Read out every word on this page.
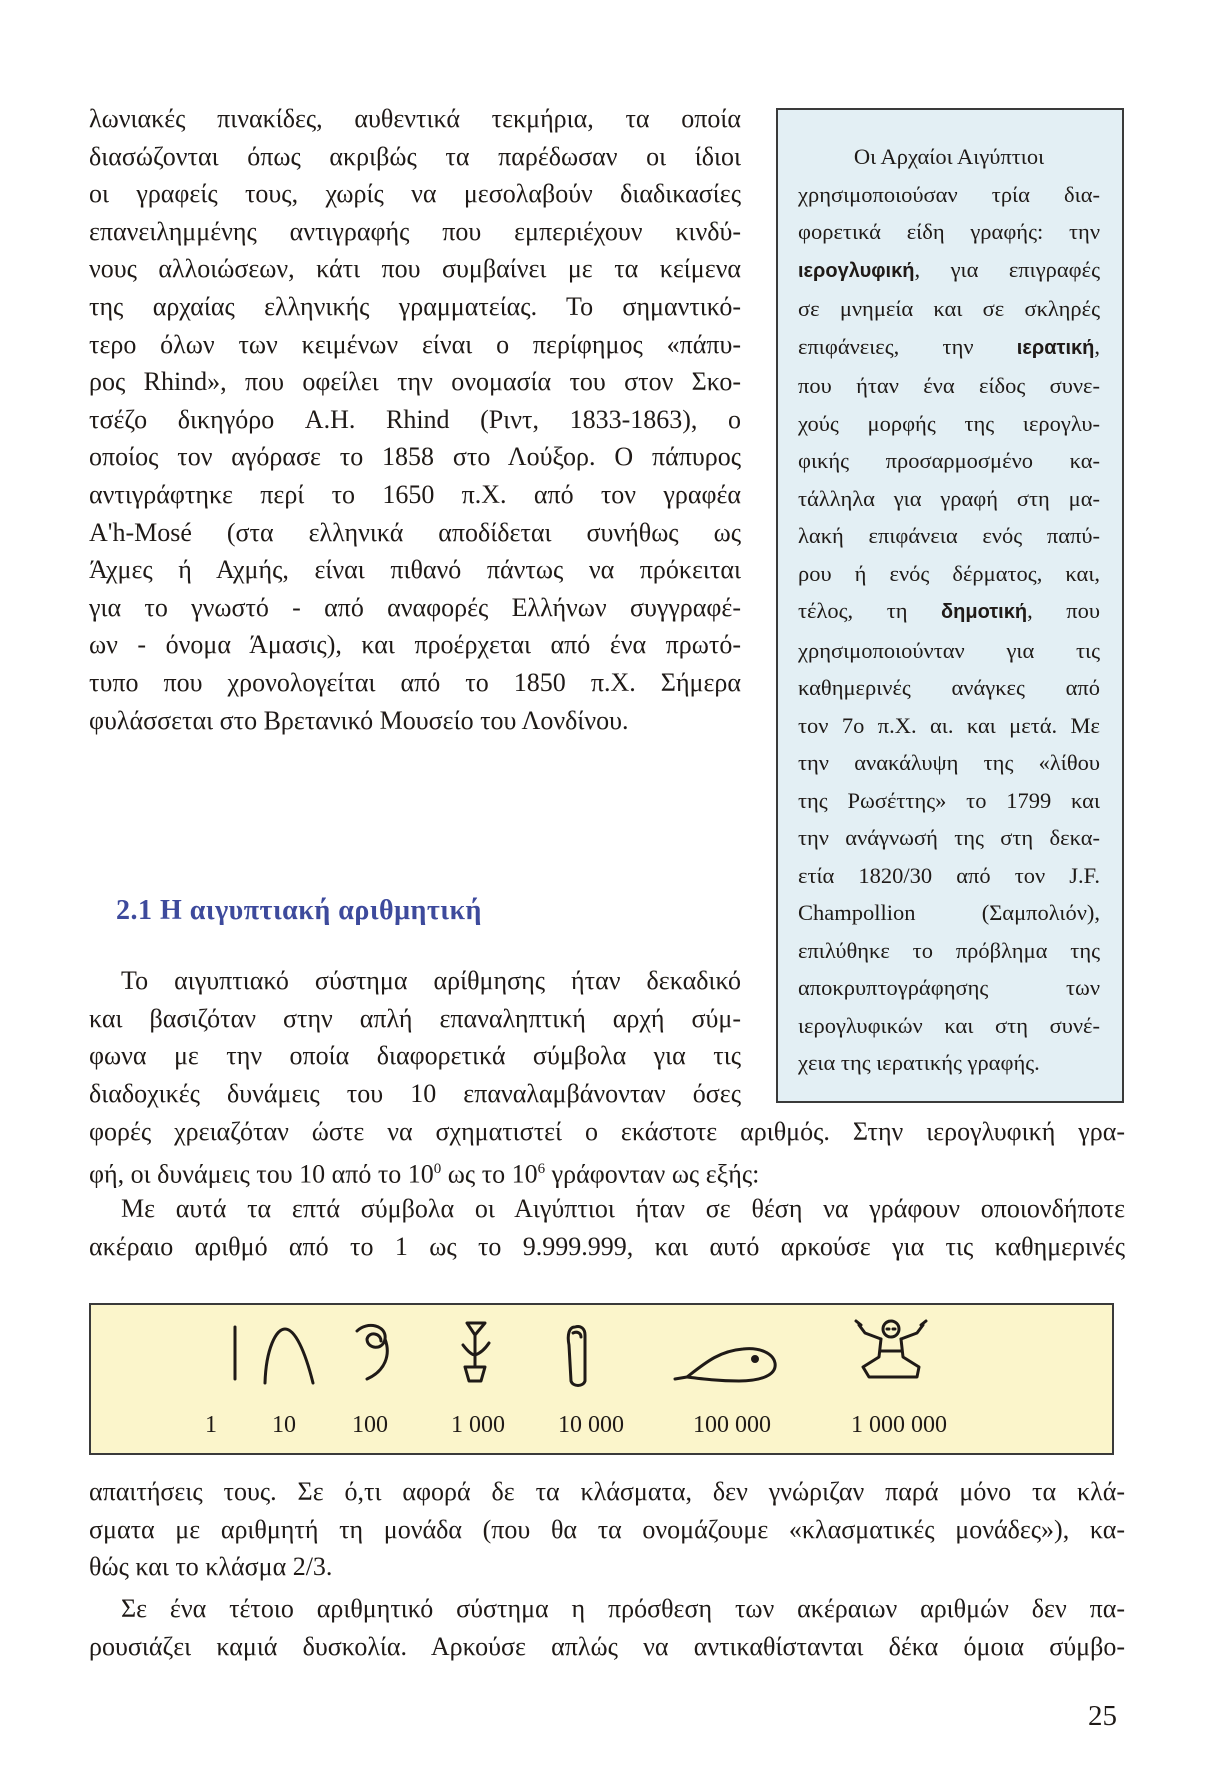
λωνιακές πινακίδες, αυθεντικά τεκμήρια, τα οποία
διασώζονται όπως ακριβώς τα παρέδωσαν οι ίδιοι
οι γραφείς τους, χωρίς να μεσολαβούν διαδικασίες
επανειλημμένης αντιγραφής που εμπεριέχουν κινδύ-
νους αλλοιώσεων, κάτι που συμβαίνει με τα κείμενα
της αρχαίας ελληνικής γραμματείας. Το σημαντικό-
τερο όλων των κειμένων είναι ο περίφημος «πάπυ-
ρος Rhind», που οφείλει την ονομασία του στον Σκο-
τσέζο δικηγόρο A.H. Rhind (Ριντ, 1833-1863), ο
οποίος τον αγόρασε το 1858 στο Λούξορ. Ο πάπυρος
αντιγράφτηκε περί το 1650 π.Χ. από τον γραφέα
A'h-Mosé (στα ελληνικά αποδίδεται συνήθως ως
Άχμες ή Αχμής, είναι πιθανό πάντως να πρόκειται
για το γνωστό - από αναφορές Ελλήνων συγγραφέ-
ων - όνομα Άμασις), και προέρχεται από ένα πρωτό-
τυπο που χρονολογείται από το 1850 π.Χ. Σήμερα
φυλάσσεται στο Βρετανικό Μουσείο του Λονδίνου.
Οι Αρχαίοι Αιγύπτιοι
χρησιμοποιούσαν τρία δια-
φορετικά είδη γραφής: την
ιερογλυφική, για επιγραφές
σε μνημεία και σε σκληρές
επιφάνειες, την ιερατική,
που ήταν ένα είδος συνε-
χούς μορφής της ιερογλυ-
φικής προσαρμοσμένο κα-
τάλληλα για γραφή στη μα-
λακή επιφάνεια ενός παπύ-
ρου ή ενός δέρματος, και,
τέλος, τη δημοτική, που
χρησιμοποιούνταν για τις
καθημερινές ανάγκες από
τον 7ο π.Χ. αι. και μετά. Με
την ανακάλυψη της «λίθου
της Ρωσέττης» το 1799 και
την ανάγνωσή της στη δεκα-
ετία 1820/30 από τον J.F.
Champollion (Σαμπολιόν),
επιλύθηκε το πρόβλημα της
αποκρυπτογράφησης των
ιερογλυφικών και στη συνέ-
χεια της ιερατικής γραφής.
2.1 Η αιγυπτιακή αριθμητική
Το αιγυπτιακό σύστημα αρίθμησης ήταν δεκαδικό
και βασιζόταν στην απλή επαναληπτική αρχή σύμ-
φωνα με την οποία διαφορετικά σύμβολα για τις
διαδοχικές δυνάμεις του 10 επαναλαμβάνονταν όσες
φορές χρειαζόταν ώστε να σχηματιστεί ο εκάστοτε αριθμός. Στην ιερογλυφική γρα-
φή, οι δυνάμεις του 10 από το $10^0$ ως το $10^6$ γράφονταν ως εξής:
Με αυτά τα επτά σύμβολα οι Αιγύπτιοι ήταν σε θέση να γράφουν οποιονδήποτε
ακέραιο αριθμό από το 1 ως το 9.999.999, και αυτό αρκούσε για τις καθημερινές
1 10 100	1 000 10 000	100 000	1 000 000
απαιτήσεις τους. Σε ό,τι αφορά δε τα κλάσματα, δεν γνώριζαν παρά μόνο τα κλά-
σματα με αριθμητή τη μονάδα (που θα τα ονομάζουμε «κλασματικές μονάδες»), κα-
θώς και το κλάσμα 2/3.
Σε ένα τέτοιο αριθμητικό σύστημα η πρόσθεση των ακέραιων αριθμών δεν πα-
ρουσιάζει καμιά δυσκολία. Αρκούσε απλώς να αντικαθίστανται δέκα όμοια σύμβο-

25
